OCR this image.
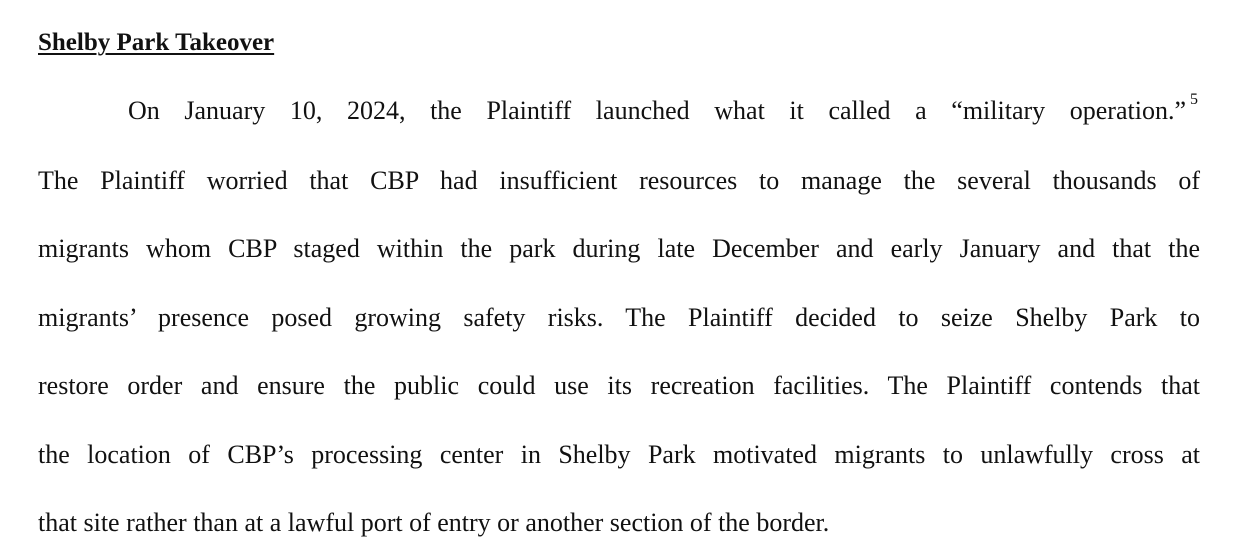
Shelby Park Takeover
On January 10, 2024, the Plaintiff launched what it called a “military operation.” 5
The Plaintiff worried that CBP had insufficient resources to manage the several thousands of
migrants whom CBP staged within the park during late December and early January and that the
migrants’ presence posed growing safety risks. The Plaintiff decided to seize Shelby Park to
restore order and ensure the public could use its recreation facilities. The Plaintiff contends that
the location of CBP’s processing center in Shelby Park motivated migrants to unlawfully cross at
that site rather than at a lawful port of entry or another section of the border.
